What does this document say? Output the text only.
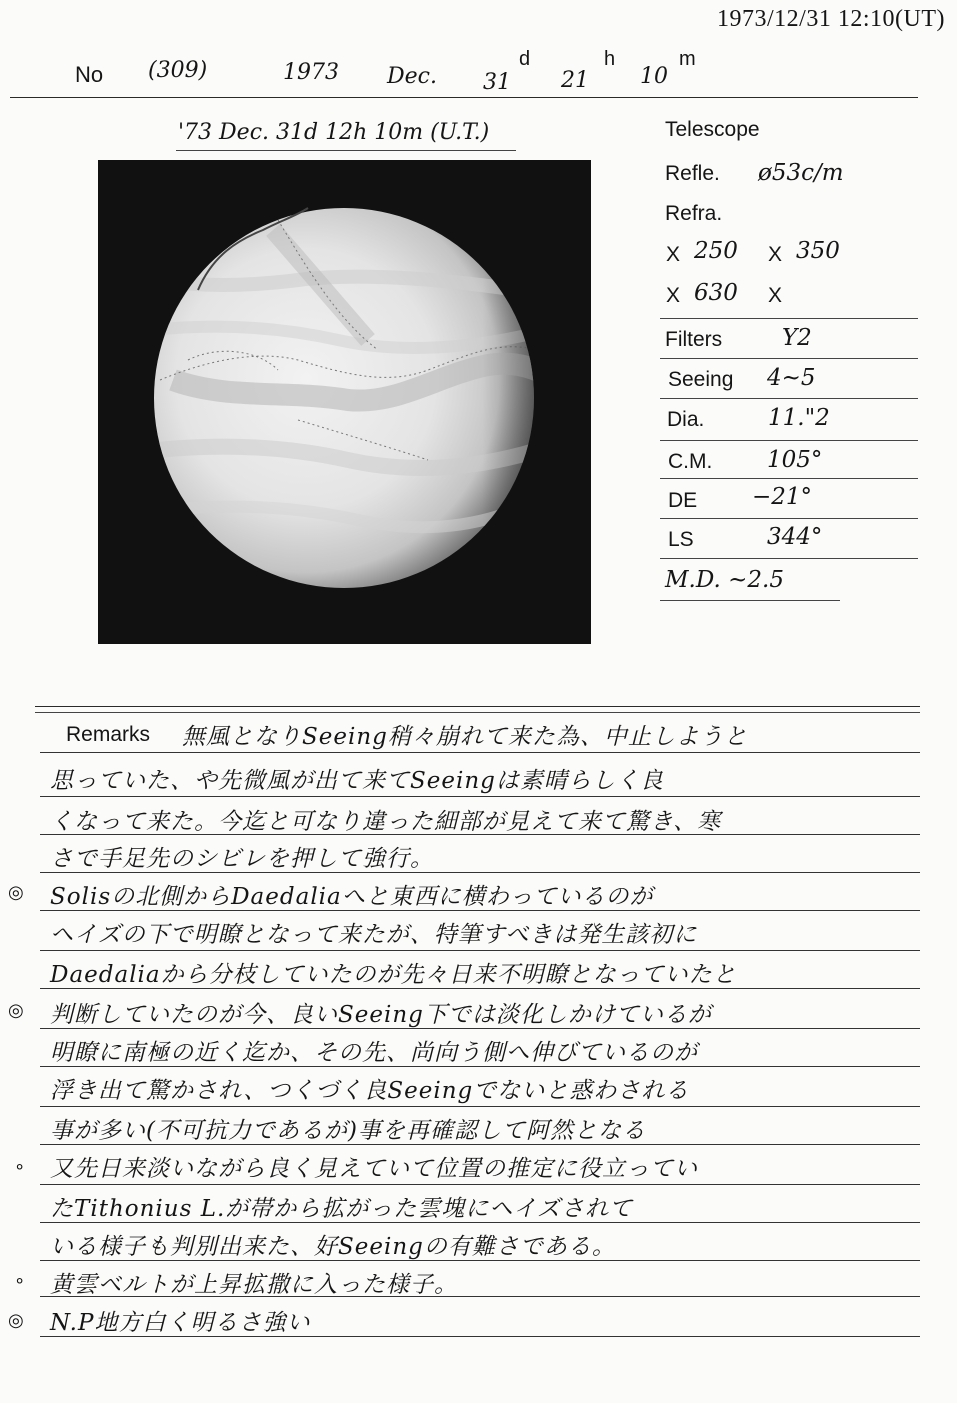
1973/12/31 12:10(UT)
No (309)	1973 Dec.
d
31
h
21
m
10
'73 Dec. 31d 12h 10m (U.T.)	Telescope
Refle. ø53c/m
Refra.
X 250 X 350
X 630 X
Filters	Y2
Seeing 4~5
Dia.	11."2
C.M. 105°
DE −21°
LS	344°
M.D. ~2.5
Remarks 無風となりSeeing稍々崩れて来た為、中止しようと
思っていた、や先微風が出て来てSeeingは素晴らしく良
くなって来た。今迄と可なり違った細部が見えて来て驚き、寒
さで手足先のシビレを押して強行。
◎ Solisの北側からDaedaliaへと東西に横わっているのが
ヘイズの下で明瞭となって来たが、特筆すべきは発生該初に
Daedaliaから分枝していたのが先々日来不明瞭となっていたと
◎ 判断していたのが今、良いSeeing下では淡化しかけているが
明瞭に南極の近く迄か、その先、尚向う側へ伸びているのが
浮き出て驚かされ、つくづく良Seeingでないと惑わされる
事が多い(不可抗力であるが)事を再確認して阿然となる
∘ 又先日来淡いながら良く見えていて位置の推定に役立ってい
たTithonius L.が帯から拡がった雲塊にヘイズされて
いる様子も判別出来た、好Seeingの有難さである。
∘ 黄雲ベルトが上昇拡撒に入った様子。
◎ N.P地方白く明るさ強い
